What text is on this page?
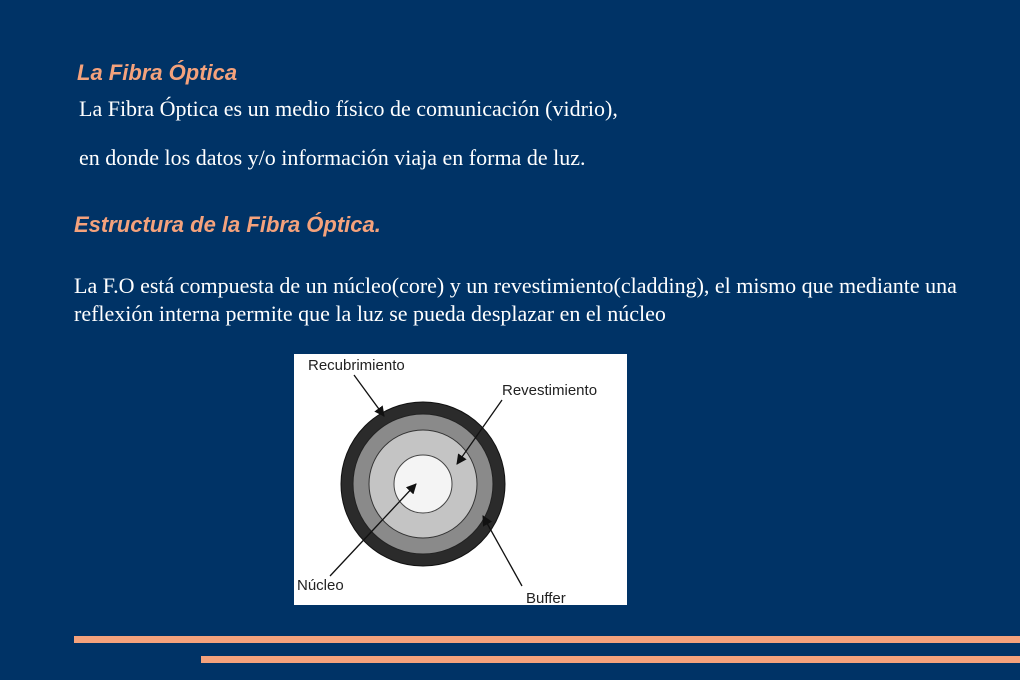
La Fibra Óptica

La Fibra Óptica es un medio físico de comunicación (vidrio),

en donde los datos y/o información viaja en forma de luz.

Estructura de la Fibra Óptica.

La F.O está compuesta de un núcleo(core) y un revestimiento(cladding), el mismo que mediante una reflexión interna permite que la luz se pueda desplazar en el núcleo

Recubrimiento
Revestimiento
Núcleo
Buffer
